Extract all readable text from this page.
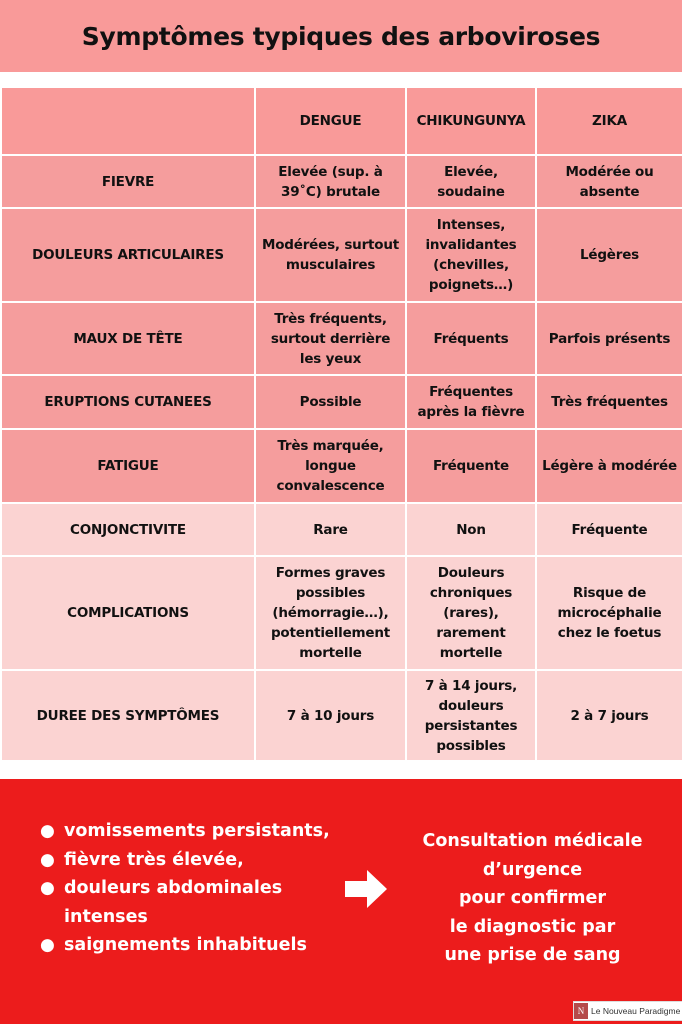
Symptômes typiques des arboviroses
	DENGUE	CHIKUNGUNYA	ZIKA
FIEVRE	Elevée (sup. à 39˚C) brutale	Elevée, soudaine	Modérée ou absente
DOULEURS ARTICULAIRES	Modérées, surtout musculaires	Intenses, invalidantes (chevilles, poignets…)	Légères
MAUX DE TÊTE	Très fréquents, surtout derrière les yeux	Fréquents	Parfois présents
ERUPTIONS CUTANEES	Possible	Fréquentes après la fièvre	Très fréquentes
FATIGUE	Très marquée, longue convalescence	Fréquente	Légère à modérée
CONJONCTIVITE	Rare	Non	Fréquente
COMPLICATIONS	Formes graves possibles (hémorragie…), potentiellement mortelle	Douleurs chroniques (rares), rarement mortelle	Risque de microcéphalie chez le foetus
DUREE DES SYMPTÔMES	7 à 10 jours	7 à 14 jours, douleurs persistantes possibles	2 à 7 jours
● vomissements persistants,
● fièvre très élevée,
● douleurs abdominales intenses
● saignements inhabituels
Consultation médicale
d’urgence
pour confirmer
le diagnostic par
une prise de sang
N Le Nouveau Paradigme
